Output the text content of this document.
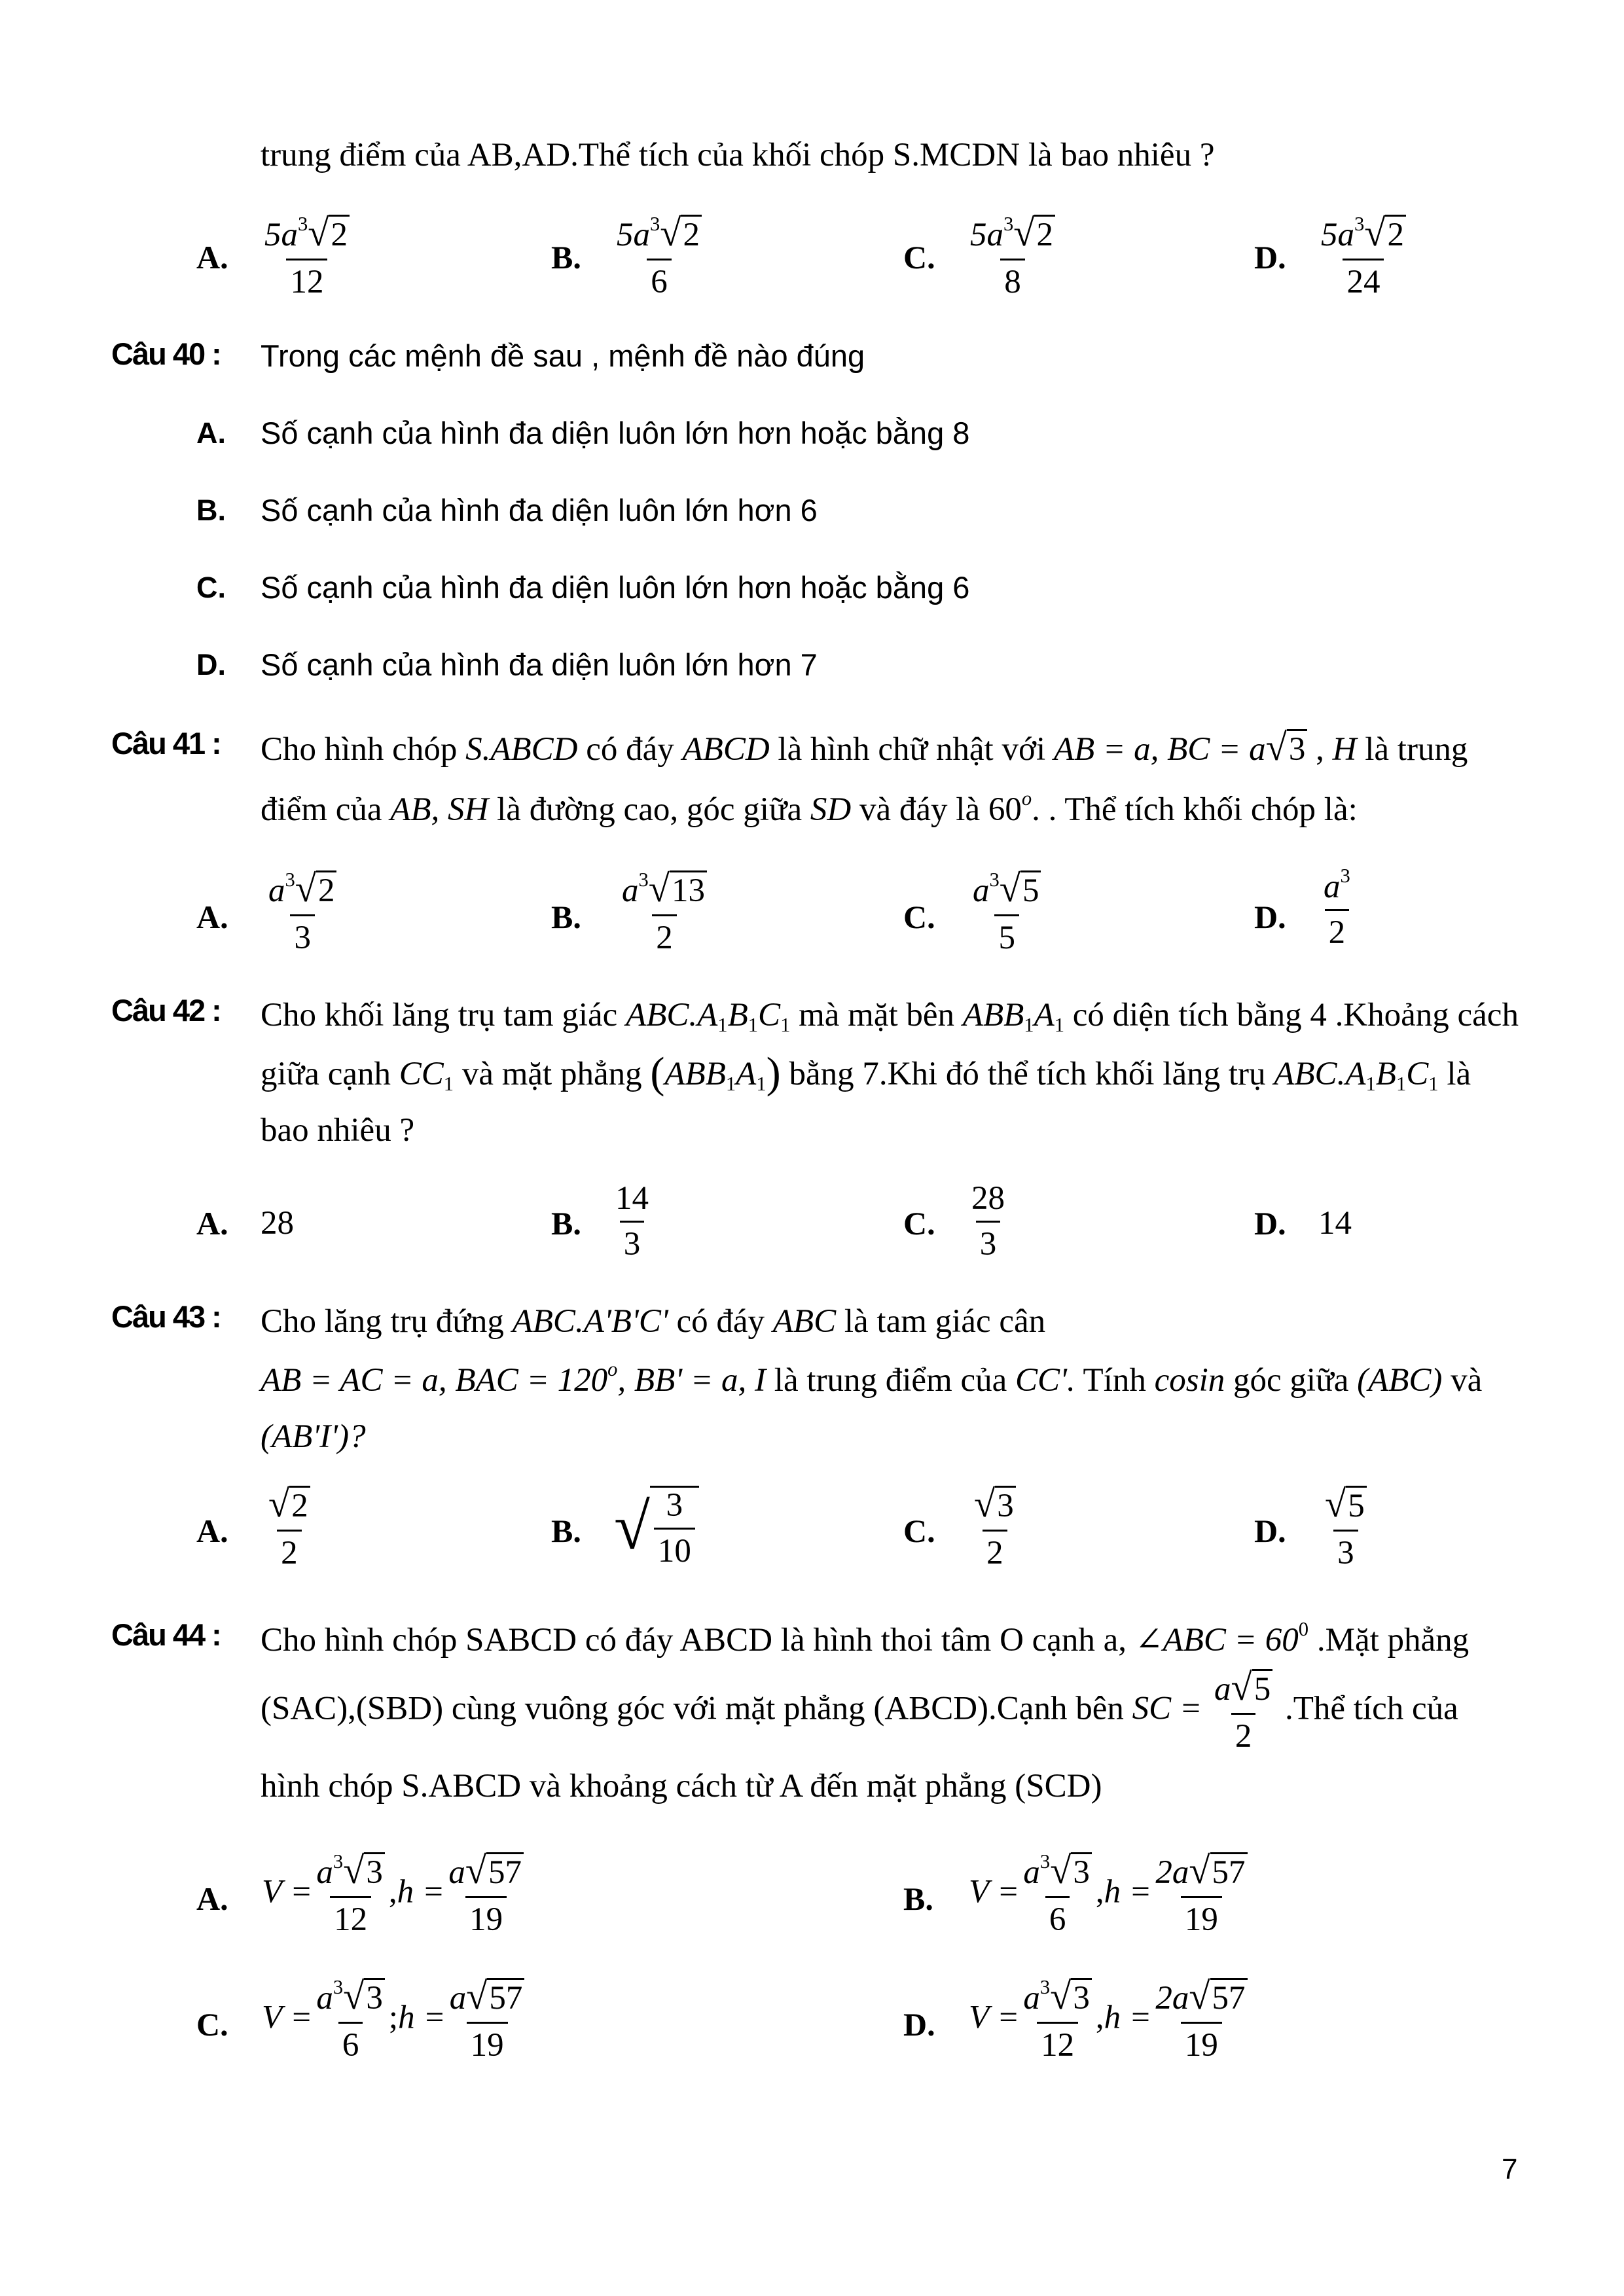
trung điểm của AB,AD.Thể tích của khối chóp S.MCDN là bao nhiêu ?
A. $\frac{5a^3 √ 2}{12}$	B. $\frac{5a^3 √ 2}{6}$	C. $\frac{5a^3 √ 2}{8}$	D. $\frac{5a^3 √ 2}{24}$
Câu 40 : Trong các mệnh đề sau , mệnh đề nào đúng
A. Số cạnh của hình đa diện luôn lớn hơn hoặc bằng 8
B. Số cạnh của hình đa diện luôn lớn hơn 6
C. Số cạnh của hình đa diện luôn lớn hơn hoặc bằng 6
D. Số cạnh của hình đa diện luôn lớn hơn 7
Câu 41 : Cho hình chóp S.ABCD có đáy ABCD là hình chữ nhật với AB = a, BC = a √ 3 , H là trung
điểm của AB, SH là đường cao, góc giữa SD và đáy là 60$^o$. . Thể tích khối chóp là:
A. $\frac{a^3 √ 2}{3}$	B. $\frac{a^3 √ 13}{2}$	C. $\frac{a^3 √ 5}{5}$	D. $\frac{a^3}{2}$
Câu 42 : Cho khối lăng trụ tam giác $ABC.A_1B_1C_1$ mà mặt bên $ABB_1A_1$ có diện tích bằng 4 .Khoảng cách
giữa cạnh $CC_1$ và mặt phẳng $(ABB_1A_1)$ bằng 7.Khi đó thể tích khối lăng trụ $ABC.A_1B_1C_1$ là
bao nhiêu ?
A. 28	B. $\frac{14}{3}$	C. $\frac{28}{3}$	D. 14
Câu 43 : Cho lăng trụ đứng ABC.A'B'C' có đáy ABC là tam giác cân
AB = AC = a, BAC = $120^o$, BB' = a, I là trung điểm của CC'. Tính cosin góc giữa (ABC) và
(AB'I')?
A. $\frac{√ 2}{2}$	B. √ $\frac{3}{10}$	C. $\frac{√ 3}{2}$	D. $\frac{√ 5}{3}$
Câu 44 : Cho hình chóp SABCD có đáy ABCD là hình thoi tâm O cạnh a, ∠ABC = $60^0$ .Mặt phẳng
(SAC),(SBD) cùng vuông góc với mặt phẳng (ABCD).Cạnh bên SC = $\frac{a √ 5}{2}$ .Thể tích của
hình chóp S.ABCD và khoảng cách từ A đến mặt phẳng (SCD)
A. $V = \frac{a^3 √ 3}{12} ,h = \frac{a √ 57}{19}$	B. $V = \frac{a^3 √ 3}{6} ,h = \frac{2a √ 57}{19}$
C. $V = \frac{a^3 √ 3}{6}$ ;h = $\frac{a √ 57}{19}$	D. $V = \frac{a^3 √ 3}{12} ,h = \frac{2a √ 57}{19}$
7
